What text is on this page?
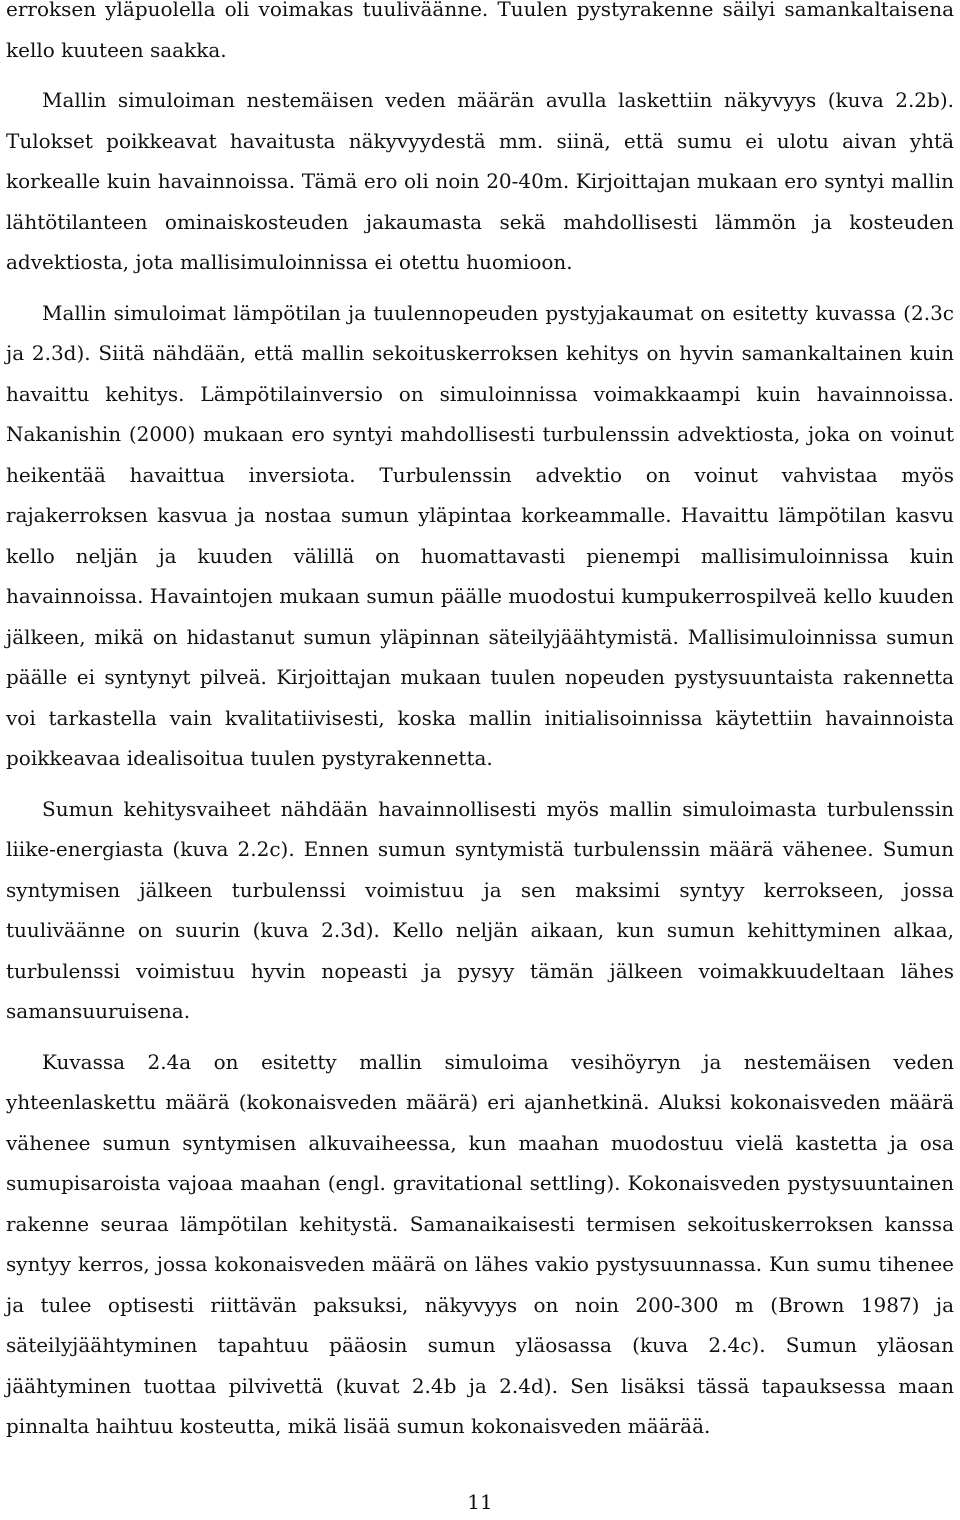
erroksen yläpuolella oli voimakas tuuliväänne. Tuulen pystyrakenne säilyi samankaltaisena kello kuuteen saakka.

Mallin simuloiman nestemäisen veden määrän avulla laskettiin näkyvyys (kuva 2.2b). Tulokset poikkeavat havaitusta näkyvyydestä mm. siinä, että sumu ei ulotu aivan yhtä korkealle kuin havainnoissa. Tämä ero oli noin 20-40m. Kirjoittajan mukaan ero syntyi mallin lähtötilanteen ominaiskosteuden jakaumasta sekä mahdollisesti lämmön ja kosteuden advektiosta, jota mallisimuloinnissa ei otettu huomioon.

Mallin simuloimat lämpötilan ja tuulennopeuden pystyjakaumat on esitetty kuvassa (2.3c ja 2.3d). Siitä nähdään, että mallin sekoituskerroksen kehitys on hyvin samankaltainen kuin havaittu kehitys. Lämpötilainversio on simuloinnissa voimakkaampi kuin havainnoissa. Nakanishin (2000) mukaan ero syntyi mahdollisesti turbulenssin advektiosta, joka on voinut heikentää havaittua inversiota. Turbulenssin advektio on voinut vahvistaa myös rajakerroksen kasvua ja nostaa sumun yläpintaa korkeammalle. Havaittu lämpötilan kasvu kello neljän ja kuuden välillä on huomattavasti pienempi mallisimuloinnissa kuin havainnoissa. Havaintojen mukaan sumun päälle muodostui kumpukerrospilveä kello kuuden jälkeen, mikä on hidastanut sumun yläpinnan säteilyjäähtymistä. Mallisimuloinnissa sumun päälle ei syntynyt pilveä. Kirjoittajan mukaan tuulen nopeuden pystysuuntaista rakennetta voi tarkastella vain kvalitatiivisesti, koska mallin initialisoinnissa käytettiin havainnoista poikkeavaa idealisoitua tuulen pystyrakennetta.

Sumun kehitysvaiheet nähdään havainnollisesti myös mallin simuloimasta turbulenssin liike-energiasta (kuva 2.2c). Ennen sumun syntymistä turbulenssin määrä vähenee. Sumun syntymisen jälkeen turbulenssi voimistuu ja sen maksimi syntyy kerrokseen, jossa tuuliväänne on suurin (kuva 2.3d). Kello neljän aikaan, kun sumun kehittyminen alkaa, turbulenssi voimistuu hyvin nopeasti ja pysyy tämän jälkeen voimakkuudeltaan lähes samansuuruisena.

Kuvassa 2.4a on esitetty mallin simuloima vesihöyryn ja nestemäisen veden yhteenlaskettu määrä (kokonaisveden määrä) eri ajanhetkinä. Aluksi kokonaisveden määrä vähenee sumun syntymisen alkuvaiheessa, kun maahan muodostuu vielä kastetta ja osa sumupisaroista vajoaa maahan (engl. gravitational settling). Kokonaisveden pystysuuntainen rakenne seuraa lämpötilan kehitystä. Samanaikaisesti termisen sekoituskerroksen kanssa syntyy kerros, jossa kokonaisveden määrä on lähes vakio pystysuunnassa. Kun sumu tihenee ja tulee optisesti riittävän paksuksi, näkyvyys on noin 200-300 m (Brown 1987) ja säteilyjäähtyminen tapahtuu pääosin sumun yläosassa (kuva 2.4c). Sumun yläosan jäähtyminen tuottaa pilvivettä (kuvat 2.4b ja 2.4d). Sen lisäksi tässä tapauksessa maan pinnalta haihtuu kosteutta, mikä lisää sumun kokonaisveden määrää.

11
